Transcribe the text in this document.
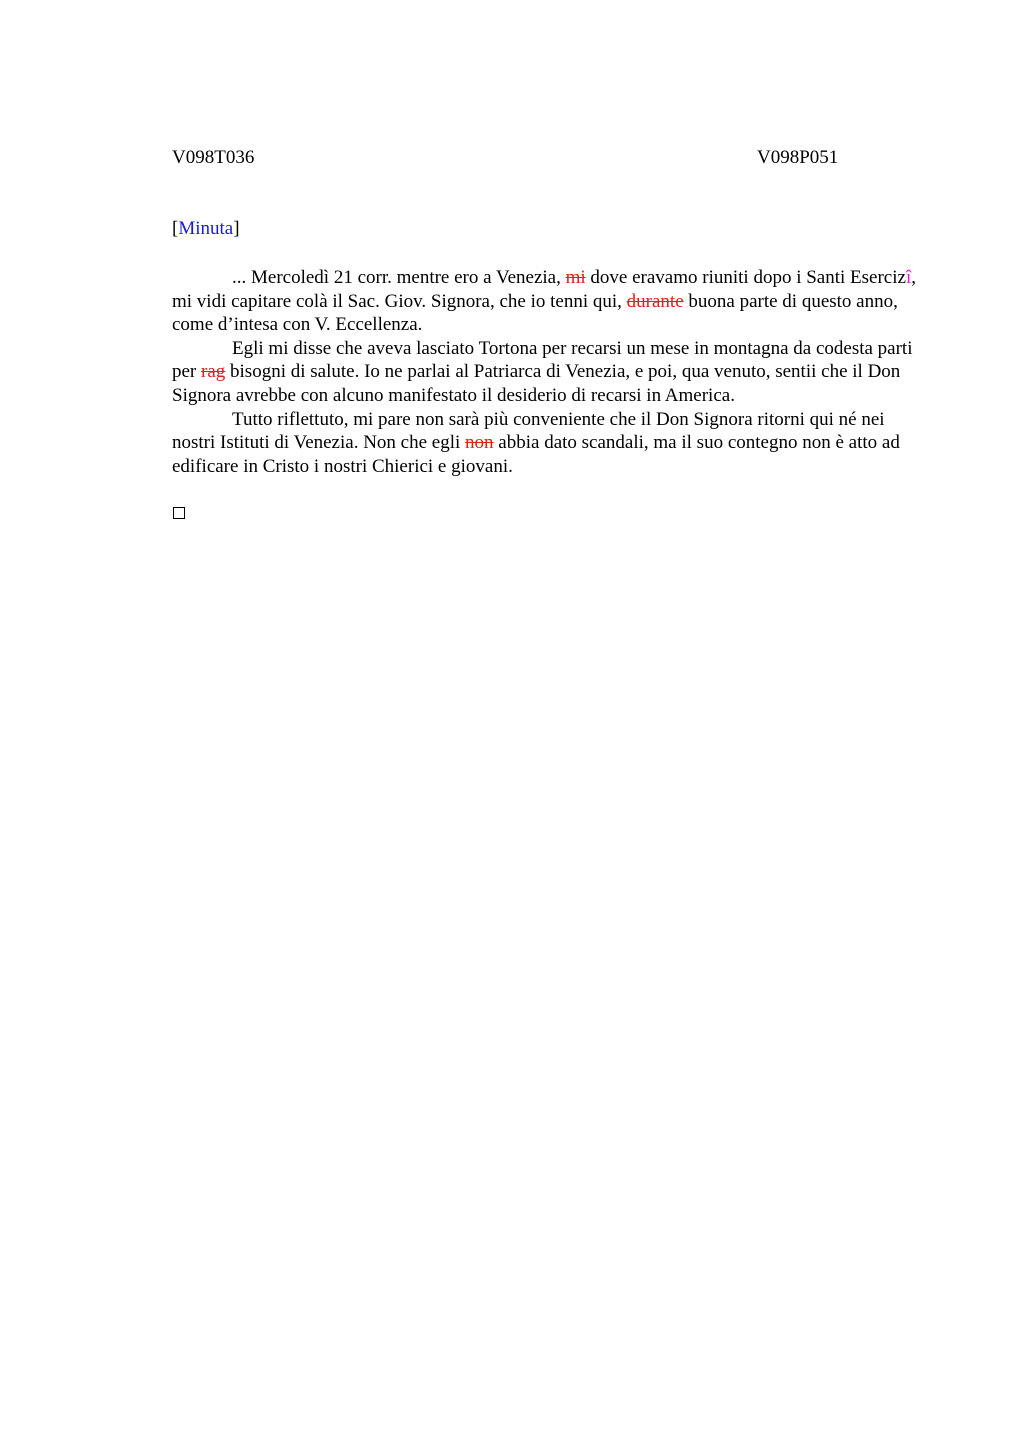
V098T036	V098P051
[Minuta]

... Mercoledì 21 corr. mentre ero a Venezia, mi dove eravamo riuniti dopo i Santi Esercizî, mi vidi capitare colà il Sac. Giov. Signora, che io tenni qui, durante buona parte di questo anno, come d’intesa con V. Eccellenza.

Egli mi disse che aveva lasciato Tortona per recarsi un mese in montagna da codesta parti per rag bisogni di salute. Io ne parlai al Patriarca di Venezia, e poi, qua venuto, sentii che il Don Signora avrebbe con alcuno manifestato il desiderio di recarsi in America.

Tutto riflettuto, mi pare non sarà più conveniente che il Don Signora ritorni qui né nei nostri Istituti di Venezia. Non che egli non abbia dato scandali, ma il suo contegno non è atto ad edificare in Cristo i nostri Chierici e giovani.
